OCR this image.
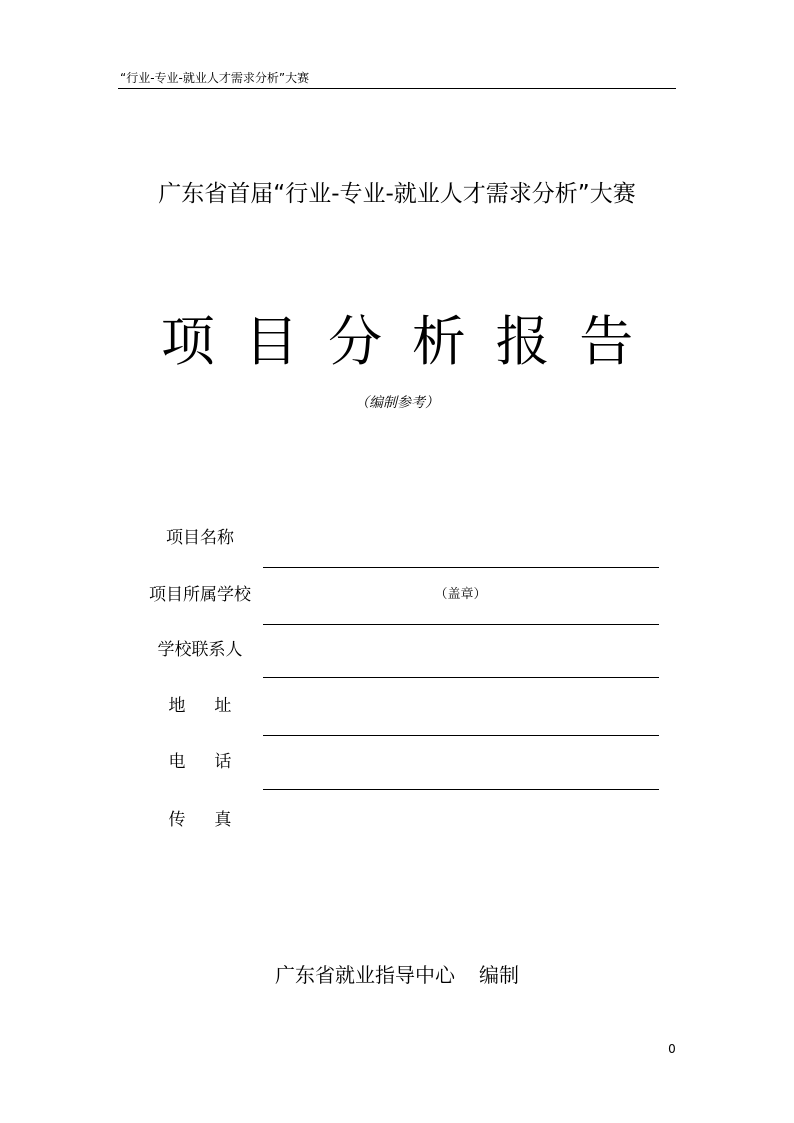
“行业-专业-就业人才需求分析”大赛
广东省首届“行业-专业-就业人才需求分析”大赛
项目分析报告
（编制参考）
项目名称
项目所属学校	（盖章）
学校联系人
地址
电话
传真
广东省就业指导中心 编制
0
